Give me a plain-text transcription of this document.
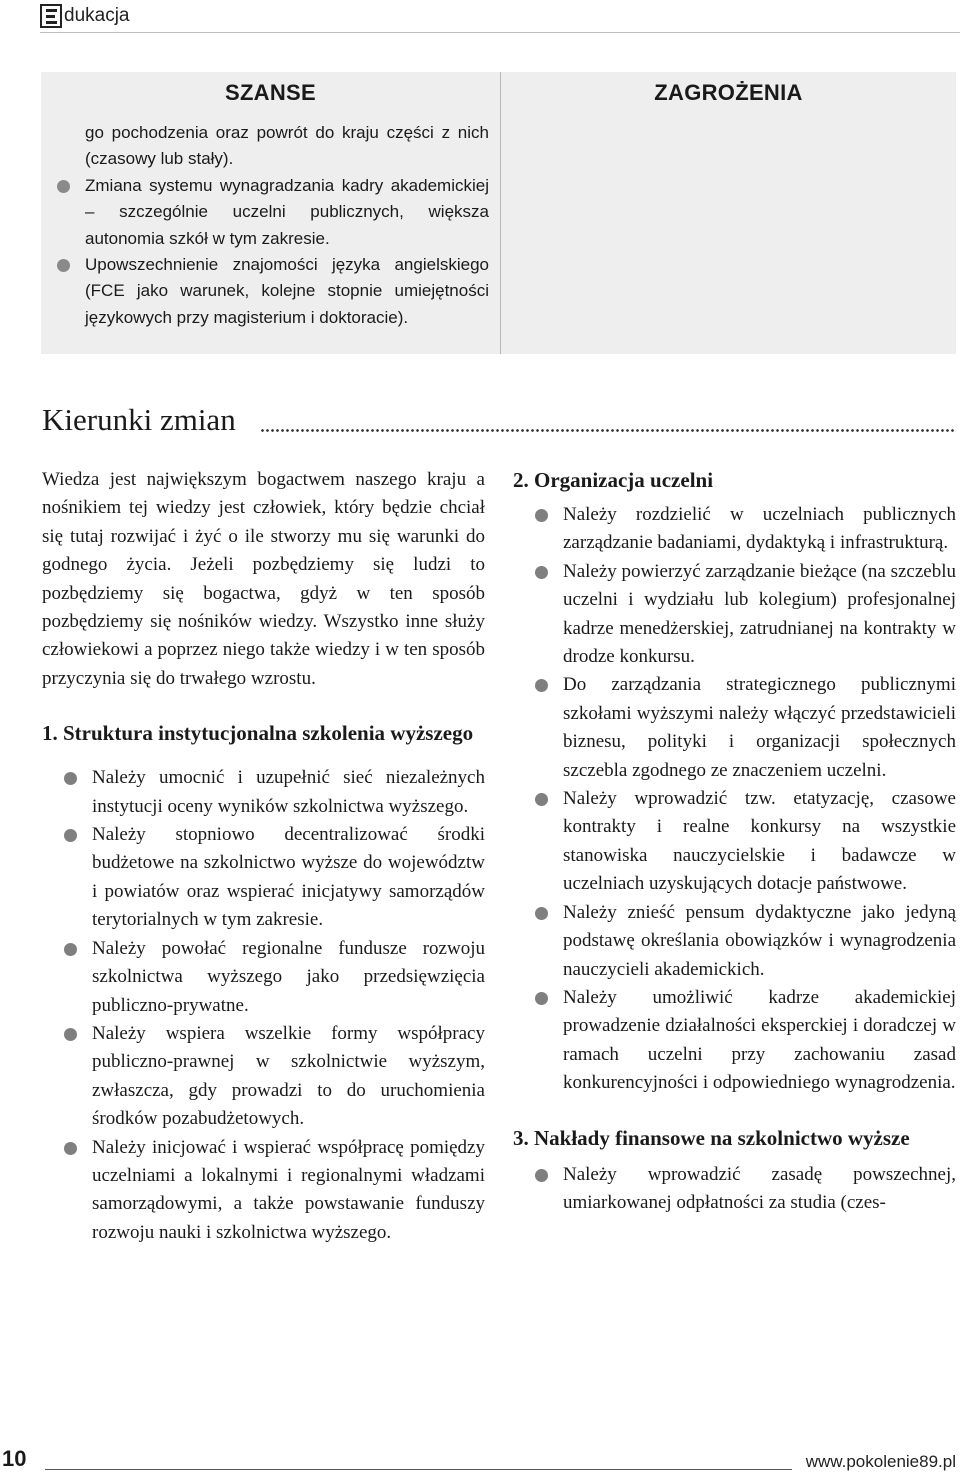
dukacja
SZANSE

go pochodzenia oraz powrót do kraju części z nich (czasowy lub stały).

Zmiana systemu wynagradzania kadry akademickiej – szczególnie uczelni publicznych, większa autonomia szkół w tym zakresie.

Upowszechnienie znajomości języka angielskiego (FCE jako warunek, kolejne stopnie umiejętności językowych przy magisterium i doktoracie).

ZAGROŻENIA
Kierunki zmian

Wiedza jest największym bogactwem naszego kraju a nośnikiem tej wiedzy jest człowiek, który będzie chciał się tutaj rozwijać i żyć o ile stworzy mu się warunki do godnego życia. Jeżeli pozbędziemy się ludzi to pozbędziemy się bogactwa, gdyż w ten sposób pozbędziemy się nośników wiedzy. Wszystko inne służy człowiekowi a poprzez niego także wiedzy i w ten sposób przyczynia się do trwałego wzrostu.

1. Struktura instytucjonalna szkolenia wyższego

Należy umocnić i uzupełnić sieć niezależnych instytucji oceny wyników szkolnictwa wyższego.

Należy stopniowo decentralizować środki budżetowe na szkolnictwo wyższe do województw i powiatów oraz wspierać inicjatywy samorządów terytorialnych w tym zakresie.

Należy powołać regionalne fundusze rozwoju szkolnictwa wyższego jako przedsięwzięcia publiczno-prywatne.

Należy wspiera wszelkie formy współpracy publiczno-prawnej w szkolnictwie wyższym, zwłaszcza, gdy prowadzi to do uruchomienia środków pozabudżetowych.

Należy inicjować i wspierać współpracę pomiędzy uczelniami a lokalnymi i regionalnymi władzami samorządowymi, a także powstawanie funduszy rozwoju nauki i szkolnictwa wyższego.

2. Organizacja uczelni

Należy rozdzielić w uczelniach publicznych zarządzanie badaniami, dydaktyką i infrastrukturą.

Należy powierzyć zarządzanie bieżące (na szczeblu uczelni i wydziału lub kolegium) profesjonalnej kadrze menedżerskiej, zatrudnianej na kontrakty w drodze konkursu.

Do zarządzania strategicznego publicznymi szkołami wyższymi należy włączyć przedstawicieli biznesu, polityki i organizacji społecznych szczebla zgodnego ze znaczeniem uczelni.

Należy wprowadzić tzw. etatyzację, czasowe kontrakty i realne konkursy na wszystkie stanowiska nauczycielskie i badawcze w uczelniach uzyskujących dotacje państwowe.

Należy znieść pensum dydaktyczne jako jedyną podstawę określania obowiązków i wynagrodzenia nauczycieli akademickich.

Należy umożliwić kadrze akademickiej prowadzenie działalności eksperckiej i doradczej w ramach uczelni przy zachowaniu zasad konkurencyjności i odpowiedniego wynagrodzenia.

3. Nakłady finansowe na szkolnictwo wyższe

Należy wprowadzić zasadę powszechnej, umiarkowanej odpłatności za studia (czes-

10	www.pokolenie89.pl
